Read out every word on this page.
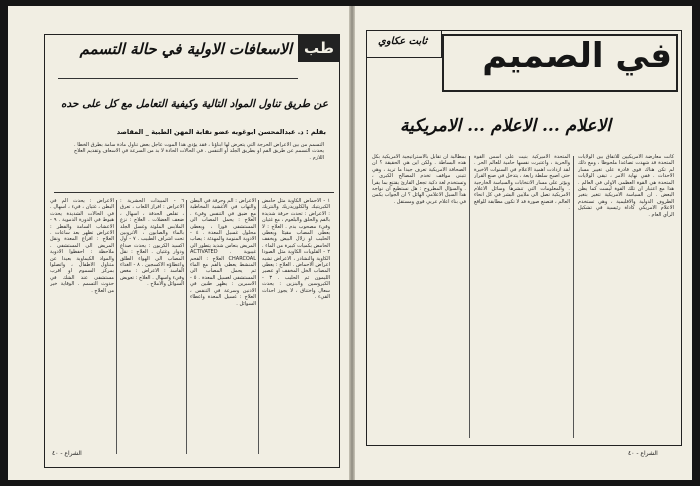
طب
الاسعافات الاولية في حالة التسمم
عن طريق تناول المواد التالية وكيفية التعامل مع كل على حده
بقلم : د. عبدالمحسن ابوغوبه عضو نقابة المهن الطبية _ المقاصد
التسمم من بين الاعراض الحرجة التي يتعرض لها ابناؤنا ، فقد يؤدي هذا الموت عاجل بعض تناول مادة سامة بطرق الخطأ . يحدث التسمم عن طريق الفم او بطريق الجلد او التنفس . في الحالات الحادة لا بد من السرعة في الاسعاف وتقديم العلاج اللازم .
١ - الاحماض الكاوية مثل حامض الكبريتيك والكلوريدريك والنتريك : الاعراض : تحدث حرقة شديدة بالفم والحلق والبلعوم ، مع غثيان وقيء مصحوب بدم . العلاج : لا يعطى المصاب مقيئا ويعطى الحليب او زلال البيض ويخفف الحامض بكميات كبيرة من الماء . ٢ - القلويات الكاوية مثل الصودا الكاوية والنشادر ، الاعراض تشبه اعراض الاحماض . العلاج : يعطى المصاب الخل المخفف او عصير الليمون ثم الحليب . ٣ - الكيروسين والبنزين : يحدث سعال واختناق ، لا يجوز احداث القيء .
الاعراض : الم وحرقة في البطن والتهاب في الاغشية المخاطية مع ضيق في التنفس وقيء . العلاج : يحمل المصاب الى المستشفى فورا ، ويعطى محلول غسيل المعدة . ٤ - الادوية المنومة والمهدئة : يصاب المريض بنعاس شديد يتطور الى غيبوبة . ACTIVATED CHARCOAL العلاج : الفحم المنشط يعطى بالفم مع الماء ثم يحمل المصاب الى المستشفى لغسيل المعدة . ٥ - الاسبرين : يظهر طنين في الاذنين وسرعة في التنفس ، العلاج : غسيل المعدة واعطاء السوائل .
٦ - المبيدات الحشرية : الاعراض : افراز اللعاب ، تعرق ، تقلص الحدقة ، اسهال ، ضعف العضلات . العلاج : نزع الملابس الملوثة وغسل الجلد بالماء والصابون ، الاتروبين تحت اشراف الطبيب . ٧ - اول اكسيد الكربون : يحدث صداع ودوار وغثيان . العلاج : نقل المصاب الى الهواء الطلق واعطاؤه الاكسجين . ٨ - الغذاء الفاسد : الاعراض : مغص وقيء واسهال . العلاج : تعويض السوائل والاملاح .
الاعراض : يحدث الم في البطن ، غثيان ، قيء ، اسهال . في الحالات الشديدة يحدث هبوط في الدورة الدموية . ٩ - الاعشاب السامة والفطر : الاعراض تظهر بعد ساعات . العلاج : افراغ المعدة ونقل المريض الى المستشفى . ملاحظة : احفظوا الادوية والمواد الكيماوية بعيدا عن متناول الاطفال ، واتصلوا بمركز السموم او اقرب مستشفى عند الشك في حدوث التسمم . الوقاية خير من العلاج .
الشراع - ٤٠
في الصميم
ثابت عكاوي
الاعلام ... الاعلام ... الامريكية
كانت معارضة الامريكيين للاتفاق بين الولايات المتحدة قد شهدت تصاعدا ملحوظا ، ومع ذلك لم تكن هناك قوى قادرة على تغيير مسار الاحداث . ففي نهاية الامر ، تبقى الولايات المتحدة هي القوة العظمى الاولى في العالم . هذا مع اعتبار ان تلك القوة ليست كما يظن البعض . ان السياسة الامريكية تتغير بتغير الظروف الدولية والاقليمية ، وهي تستخدم الاعلام الامريكي كاداة رئيسية في تشكيل الرأي العام .
المتحدة الاميركية بنيت على اسس القوة والحرية ، واعتبرت نفسها حامية للعالم الحر . لقد ازدادت اهمية الاعلام في السنوات الاخيرة حتى اصبح سلطة رابعة ، يتدخل في صنع القرار ويؤثر على مسار الانتخابات والسياسة الخارجية . والمعلومات التي تنشرها وسائل الاعلام الامريكية تصل الى ملايين البشر في كل انحاء العالم ، فتصنع صورة قد لا تكون مطابقة للواقع .
بمطالبة ان تقابل بالاستراتيجية الامريكية بكل هذه البساطة . ولكن اين هي الحقيقة ؟ ان الصحافة الامريكية تعرف جيدا ما تريد ، وهي تتبنى مواقف تخدم المصالح الكبرى ، وتستخدم لغة ذكية تجعل القارئ يقتنع بما يقرأ . والسؤال المطروح : هل نستطيع ان نواجه هذا السيل الاعلامي الهائل ؟ ان الجواب يكمن في بناء اعلام عربي قوي ومستقل .
الشراع - ٤٠
